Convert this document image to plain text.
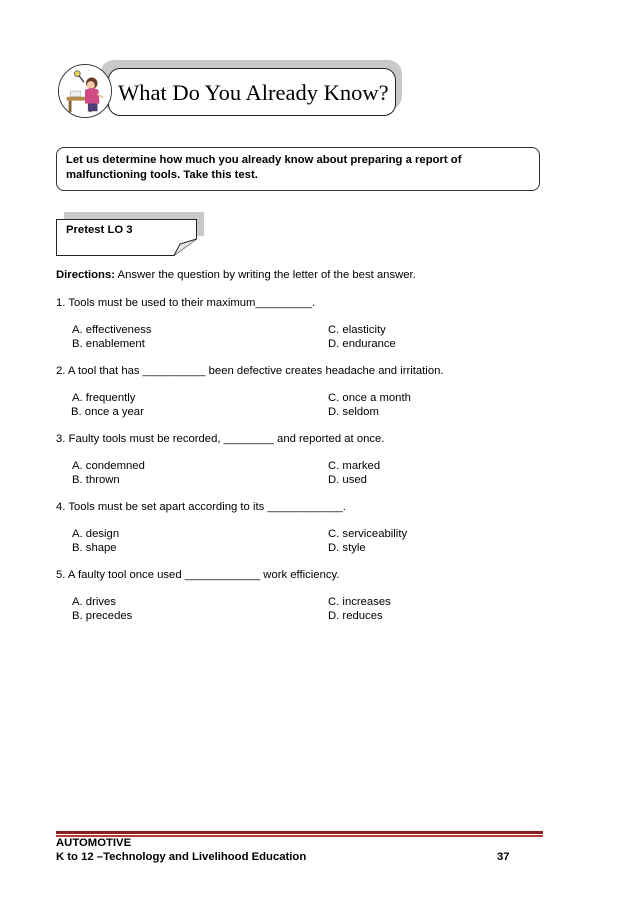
What Do You Already Know?
Let us determine how much you already know about preparing a report of malfunctioning tools. Take this test.
Pretest LO 3
Directions: Answer the question by writing the letter of the best answer.
1. Tools must be used to their maximum_________.
A. effectiveness	C. elasticity
B. enablement	D. endurance
2. A tool that has __________ been defective creates headache and irritation.
A. frequently	C. once a month
B. once a year	D. seldom
3. Faulty tools must be recorded, ________ and reported at once.
A. condemned	C. marked
B. thrown	D. used
4. Tools must be set apart according to its ____________.
A. design	C. serviceability
B. shape	D. style
5. A faulty tool once used ____________ work efficiency.
A. drives	C. increases
B. precedes	D. reduces
AUTOMOTIVE
K to 12 –Technology and Livelihood Education	37
